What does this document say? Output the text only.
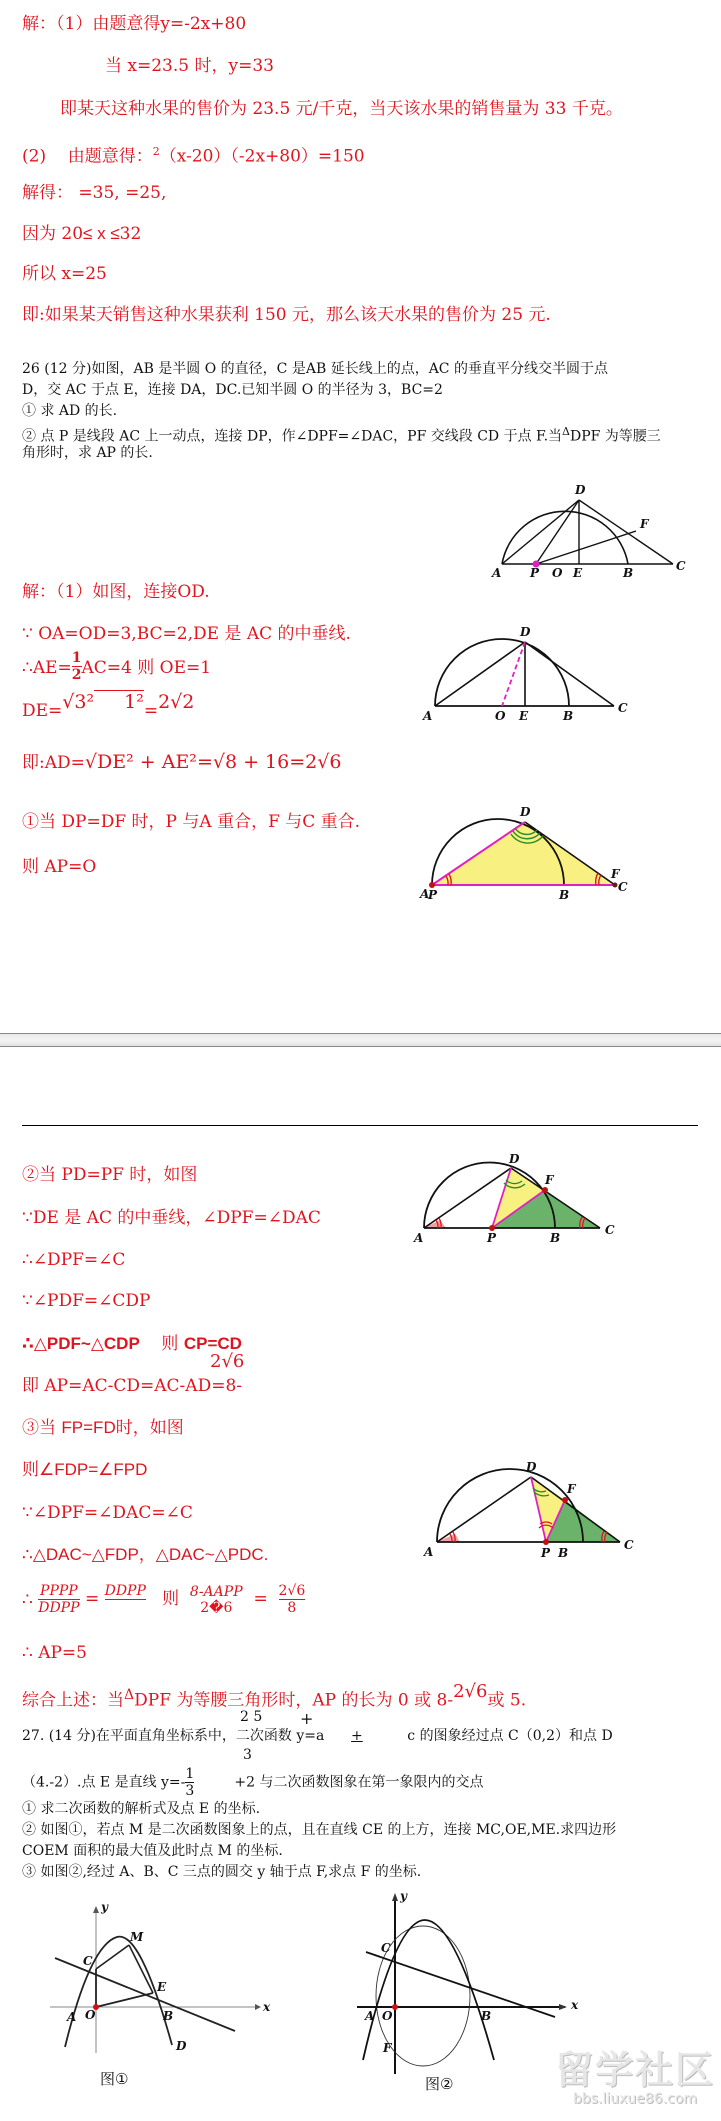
解：（1）由题意得y=-2x+80
当 x=23.5 时，y=33
即某天这种水果的售价为 23.5 元/千克，当天该水果的销售量为 33 千克。
(2) 由题意得：$^2$（x-20）（-2x+80）=150
解得： =35, =25,
因为 20≤ x ≤32
所以 x=25
即:如果某天销售这种水果获利 150 元，那么该天水果的售价为 25 元.
26 (12 分)如图，AB 是半圆 O 的直径，C 是AB 延长线上的点，AC 的垂直平分线交半圆于点
D，交 AC 于点 E，连接 DA，DC.已知半圆 O 的半径为 3，BC=2
① 求 AD 的长.
② 点 P 是线段 AC 上一动点，连接 DP，作∠DPF=∠DAC，PF 交线段 CD 于点 F.当$^\Delta$DPF 为等腰三
角形时，求 AP 的长.
A P O E	B	C
D
F
解：（1）如图，连接OD.
∵ OA=OD=3,BC=2,DE 是 AC 的中垂线.
∴AE= $\frac{1}{2} AC=4$ 则 OE=1
DE=√3² 1²=2√2
即:AD=√DE² + AE²=√8 + 16=2√6
A	O E	B
C
D
①当 DP=DF 时，P 与A 重合，F 与C 重合.
则 AP=O
A
P	B
C
F
D
②当 PD=PF 时，如图
∵DE 是 AC 的中垂线，∠DPF=∠DAC
∴∠DPF=∠C
∵∠PDF=∠CDP
∴△PDF~△CDP 则 CP=CD
2√6
即 AP=AC-CD=AC-AD=8-
A	P	B
C
D
F
③当 FP=FD时，如图
则∠FDP=∠FPD
∵∠DPF=∠DAC=∠C
∴△DAC~△FDP，△DAC~△PDC.
∴ $\frac{\text{PPPP}}{\text{DDPP}}$ = DDPP
则 8-AAPP
2�6	= $\frac{2√6}{8}$
∴ AP=5
A	P B
C
D
F
综合上述：当$^\Delta$DPF 为等腰三角形时，AP 的长为 0 或 8-2√6或 5.
2 5 +
27. (14 分)在平面直角坐标系中，二次函数 y=a +	c 的图象经过点 C（0,2）和点 D
3
（4.-2）.点 E 是直线 $y=- \frac{1}{3}$	+2 与二次函数图象在第一象限内的交点
① 求二次函数的解析式及点 E 的坐标.
② 如图①，若点 M 是二次函数图象上的点，且在直线 CE 的上方，连接 MC,OE,ME.求四边形
COEM 面积的最大值及此时点 M 的坐标.
③ 如图②,经过 A、B、C 三点的圆交 y 轴于点 F,求点 F 的坐标.
y
M
C
E
x
A O	B
D
图①
y
C
x
A O	B
F
图②	留学社区
bbs.liuxue86.com
